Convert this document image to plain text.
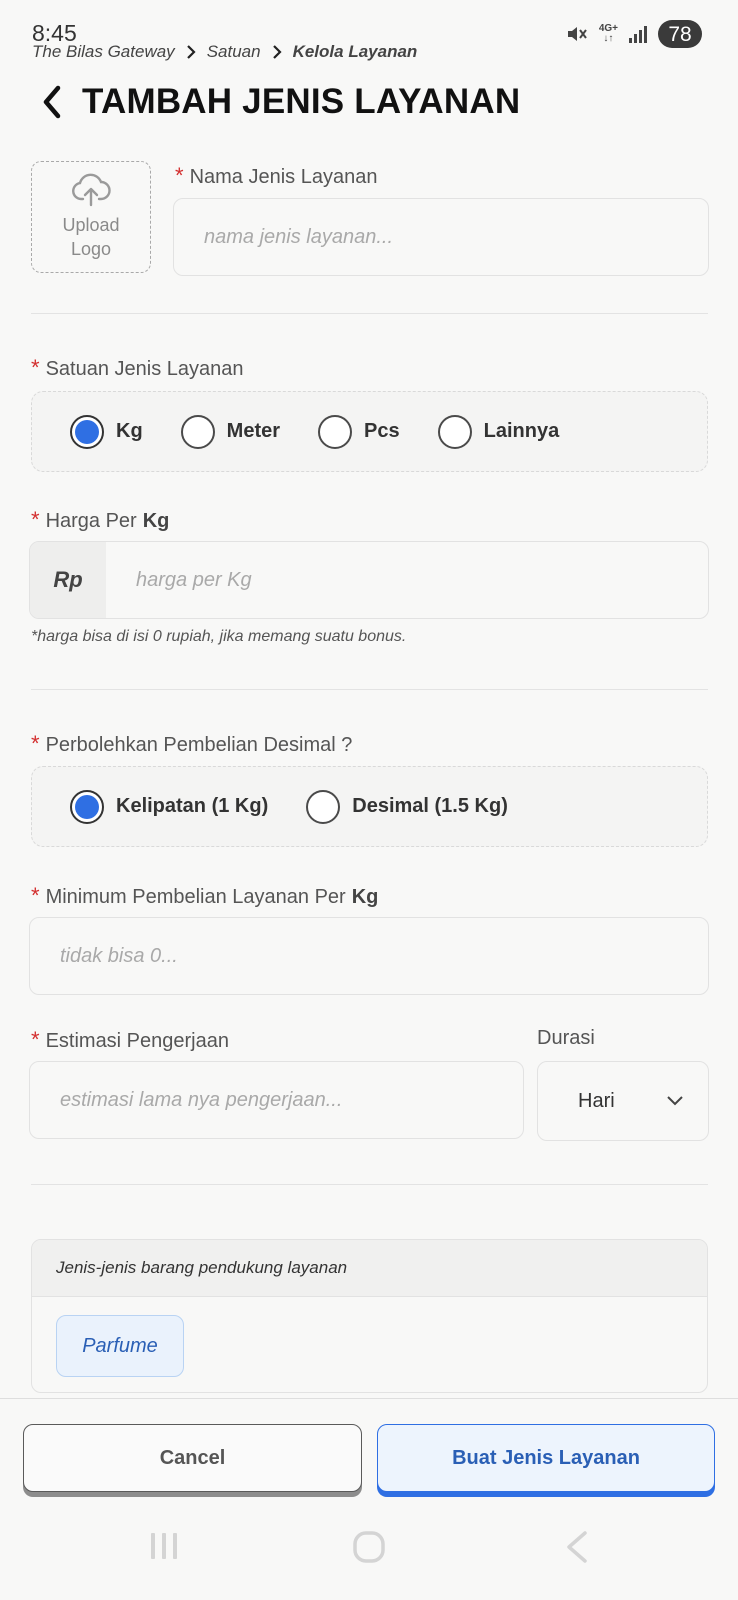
8:45	4G+
↓↑	78
The Bilas Gateway Satuan Kelola Layanan
TAMBAH JENIS LAYANAN
Upload Logo
* Nama Jenis Layanan
nama jenis layanan...
* Satuan Jenis Layanan
Kg	Meter	Pcs	Lainnya
* Harga Per Kg
Rp
harga per Kg
*harga bisa di isi 0 rupiah, jika memang suatu bonus.
* Perbolehkan Pembelian Desimal ?
Kelipatan (1 Kg)	Desimal (1.5 Kg)
* Minimum Pembelian Layanan Per Kg
tidak bisa 0...
* Estimasi Pengerjaan	Durasi
estimasi lama nya pengerjaan...
Hari
Jenis-jenis barang pendukung layanan
Parfume
Cancel	Buat Jenis Layanan
